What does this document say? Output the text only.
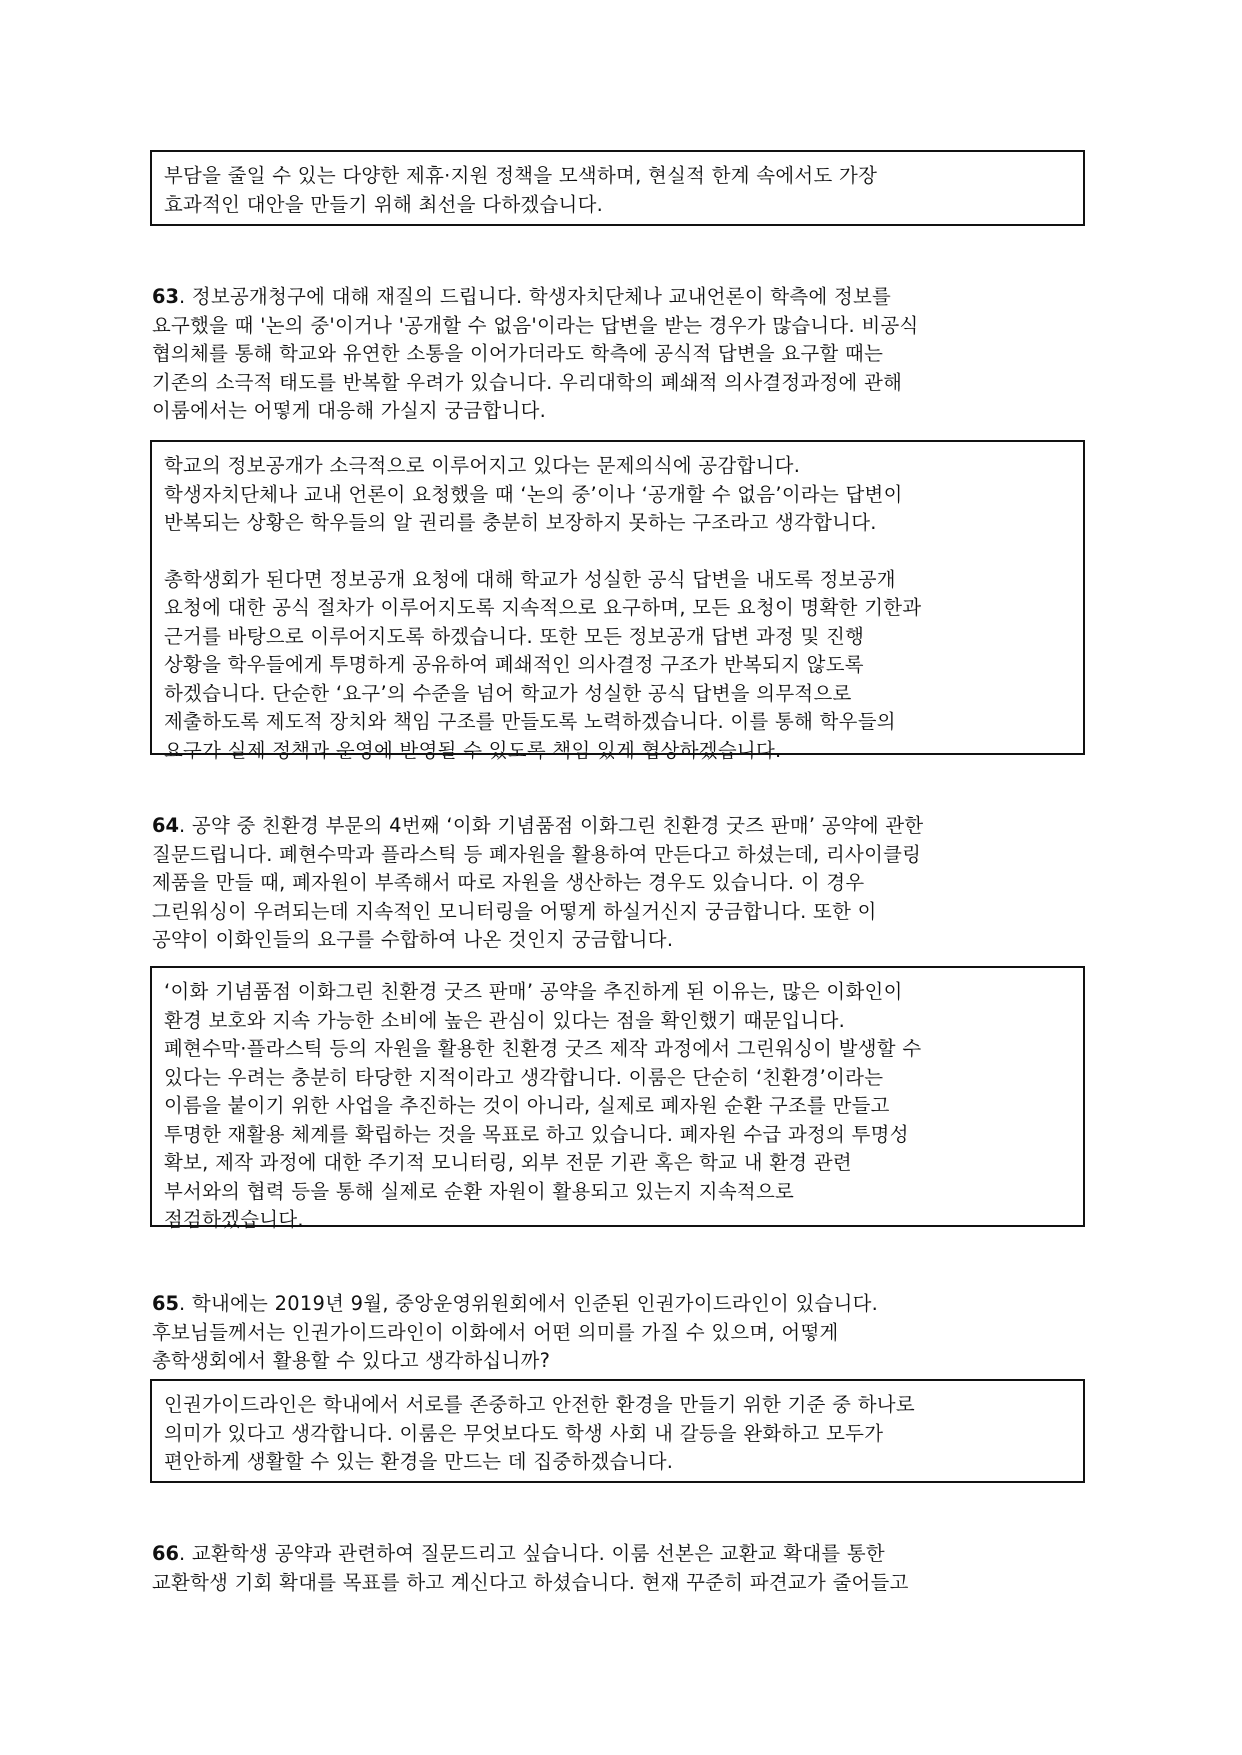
부담을 줄일 수 있는 다양한 제휴·지원 정책을 모색하며, 현실적 한계 속에서도 가장
효과적인 대안을 만들기 위해 최선을 다하겠습니다.
63. 정보공개청구에 대해 재질의 드립니다. 학생자치단체나 교내언론이 학측에 정보를
요구했을 때 '논의 중'이거나 '공개할 수 없음'이라는 답변을 받는 경우가 많습니다. 비공식
협의체를 통해 학교와 유연한 소통을 이어가더라도 학측에 공식적 답변을 요구할 때는
기존의 소극적 태도를 반복할 우려가 있습니다. 우리대학의 폐쇄적 의사결정과정에 관해
이룸에서는 어떻게 대응해 가실지 궁금합니다.
학교의 정보공개가 소극적으로 이루어지고 있다는 문제의식에 공감합니다.
학생자치단체나 교내 언론이 요청했을 때 ‘논의 중’이나 ‘공개할 수 없음’이라는 답변이
반복되는 상황은 학우들의 알 권리를 충분히 보장하지 못하는 구조라고 생각합니다.
총학생회가 된다면 정보공개 요청에 대해 학교가 성실한 공식 답변을 내도록 정보공개
요청에 대한 공식 절차가 이루어지도록 지속적으로 요구하며, 모든 요청이 명확한 기한과
근거를 바탕으로 이루어지도록 하겠습니다. 또한 모든 정보공개 답변 과정 및 진행
상황을 학우들에게 투명하게 공유하여 폐쇄적인 의사결정 구조가 반복되지 않도록
하겠습니다. 단순한 ‘요구’의 수준을 넘어 학교가 성실한 공식 답변을 의무적으로
제출하도록 제도적 장치와 책임 구조를 만들도록 노력하겠습니다. 이를 통해 학우들의
요구가 실제 정책과 운영에 반영될 수 있도록 책임 있게 협상하겠습니다.
64. 공약 중 친환경 부문의 4번째 ‘이화 기념품점 이화그린 친환경 굿즈 판매’ 공약에 관한
질문드립니다. 폐현수막과 플라스틱 등 폐자원을 활용하여 만든다고 하셨는데, 리사이클링
제품을 만들 때, 폐자원이 부족해서 따로 자원을 생산하는 경우도 있습니다. 이 경우
그린워싱이 우려되는데 지속적인 모니터링을 어떻게 하실거신지 궁금합니다. 또한 이
공약이 이화인들의 요구를 수합하여 나온 것인지 궁금합니다.
‘이화 기념품점 이화그린 친환경 굿즈 판매’ 공약을 추진하게 된 이유는, 많은 이화인이
환경 보호와 지속 가능한 소비에 높은 관심이 있다는 점을 확인했기 때문입니다.
폐현수막·플라스틱 등의 자원을 활용한 친환경 굿즈 제작 과정에서 그린워싱이 발생할 수
있다는 우려는 충분히 타당한 지적이라고 생각합니다. 이룸은 단순히 ‘친환경’이라는
이름을 붙이기 위한 사업을 추진하는 것이 아니라, 실제로 폐자원 순환 구조를 만들고
투명한 재활용 체계를 확립하는 것을 목표로 하고 있습니다. 폐자원 수급 과정의 투명성
확보, 제작 과정에 대한 주기적 모니터링, 외부 전문 기관 혹은 학교 내 환경 관련
부서와의 협력 등을 통해 실제로 순환 자원이 활용되고 있는지 지속적으로
점검하겠습니다.
65. 학내에는 2019년 9월, 중앙운영위원회에서 인준된 인권가이드라인이 있습니다.
후보님들께서는 인권가이드라인이 이화에서 어떤 의미를 가질 수 있으며, 어떻게
총학생회에서 활용할 수 있다고 생각하십니까?
인권가이드라인은 학내에서 서로를 존중하고 안전한 환경을 만들기 위한 기준 중 하나로
의미가 있다고 생각합니다. 이룸은 무엇보다도 학생 사회 내 갈등을 완화하고 모두가
편안하게 생활할 수 있는 환경을 만드는 데 집중하겠습니다.
66. 교환학생 공약과 관련하여 질문드리고 싶습니다. 이룸 선본은 교환교 확대를 통한
교환학생 기회 확대를 목표를 하고 계신다고 하셨습니다. 현재 꾸준히 파견교가 줄어들고
